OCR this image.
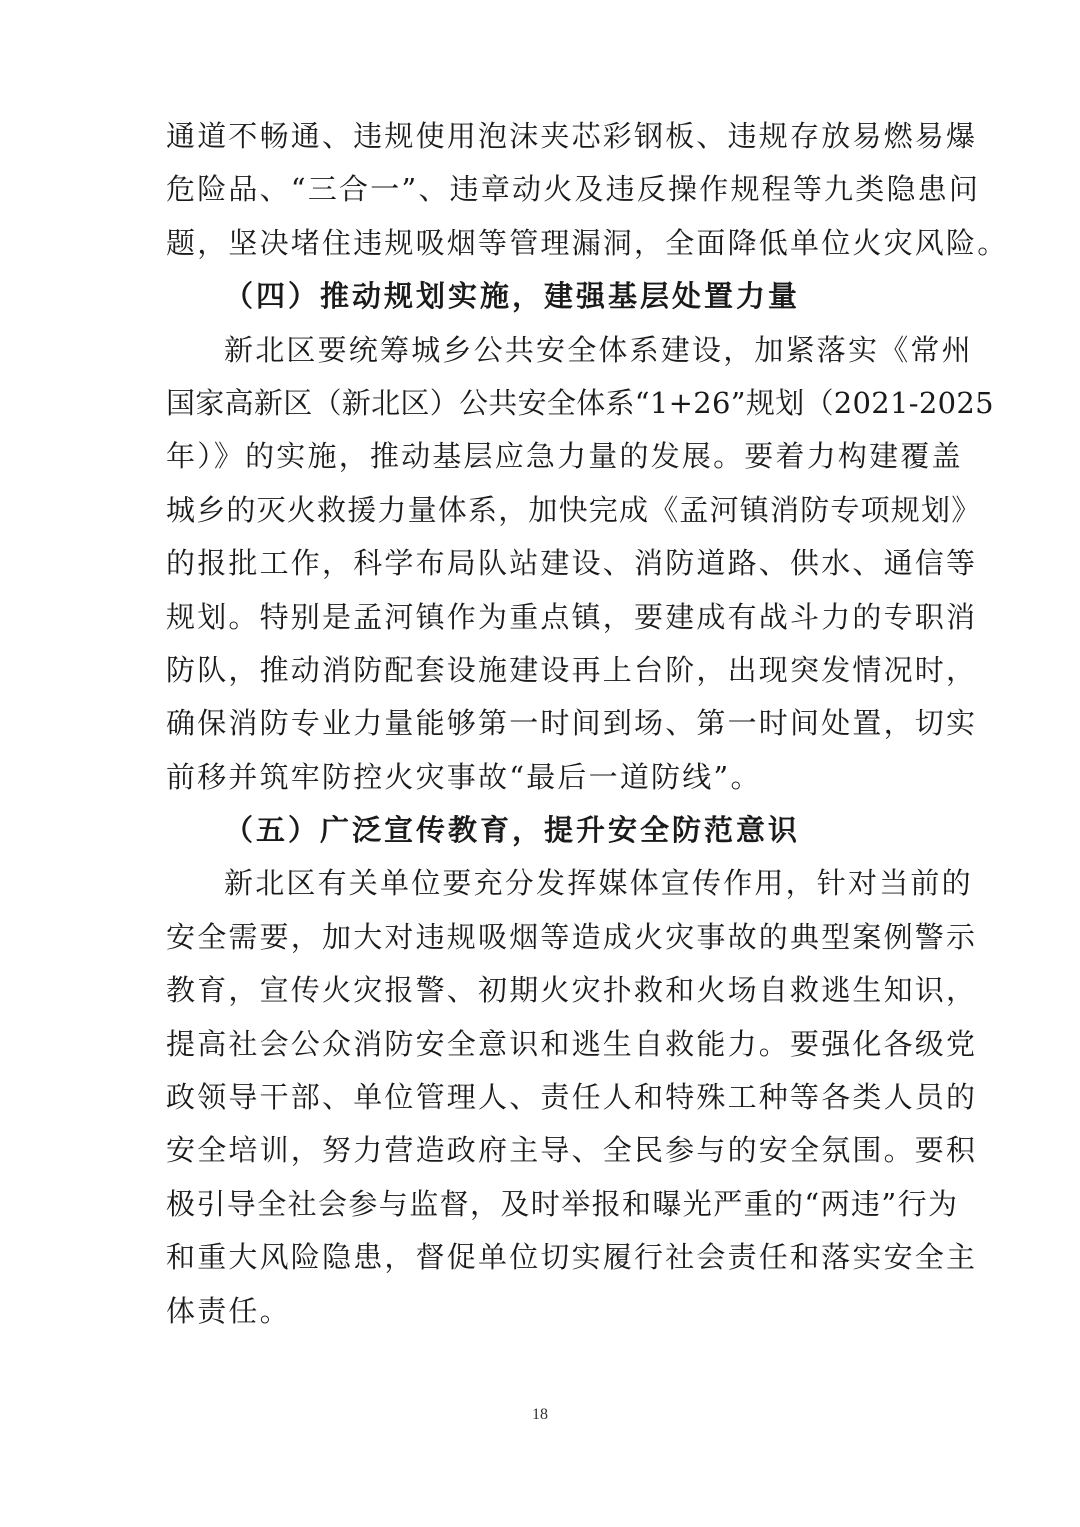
通道不畅通、违规使用泡沫夹芯彩钢板、违规存放易燃易爆
危险品、“三合一”、违章动火及违反操作规程等九类隐患问
题，坚决堵住违规吸烟等管理漏洞，全面降低单位火灾风险。
（四）推动规划实施，建强基层处置力量
新北区要统筹城乡公共安全体系建设，加紧落实《常州
国家高新区（新北区）公共安全体系“1+26”规划（2021-2025
年）》的实施，推动基层应急力量的发展。要着力构建覆盖
城乡的灭火救援力量体系，加快完成《孟河镇消防专项规划》
的报批工作，科学布局队站建设、消防道路、供水、通信等
规划。特别是孟河镇作为重点镇，要建成有战斗力的专职消
防队，推动消防配套设施建设再上台阶，出现突发情况时，
确保消防专业力量能够第一时间到场、第一时间处置，切实
前移并筑牢防控火灾事故“最后一道防线”。
（五）广泛宣传教育，提升安全防范意识
新北区有关单位要充分发挥媒体宣传作用，针对当前的
安全需要，加大对违规吸烟等造成火灾事故的典型案例警示
教育，宣传火灾报警、初期火灾扑救和火场自救逃生知识，
提高社会公众消防安全意识和逃生自救能力。要强化各级党
政领导干部、单位管理人、责任人和特殊工种等各类人员的
安全培训，努力营造政府主导、全民参与的安全氛围。要积
极引导全社会参与监督，及时举报和曝光严重的“两违”行为
和重大风险隐患，督促单位切实履行社会责任和落实安全主
体责任。
18
